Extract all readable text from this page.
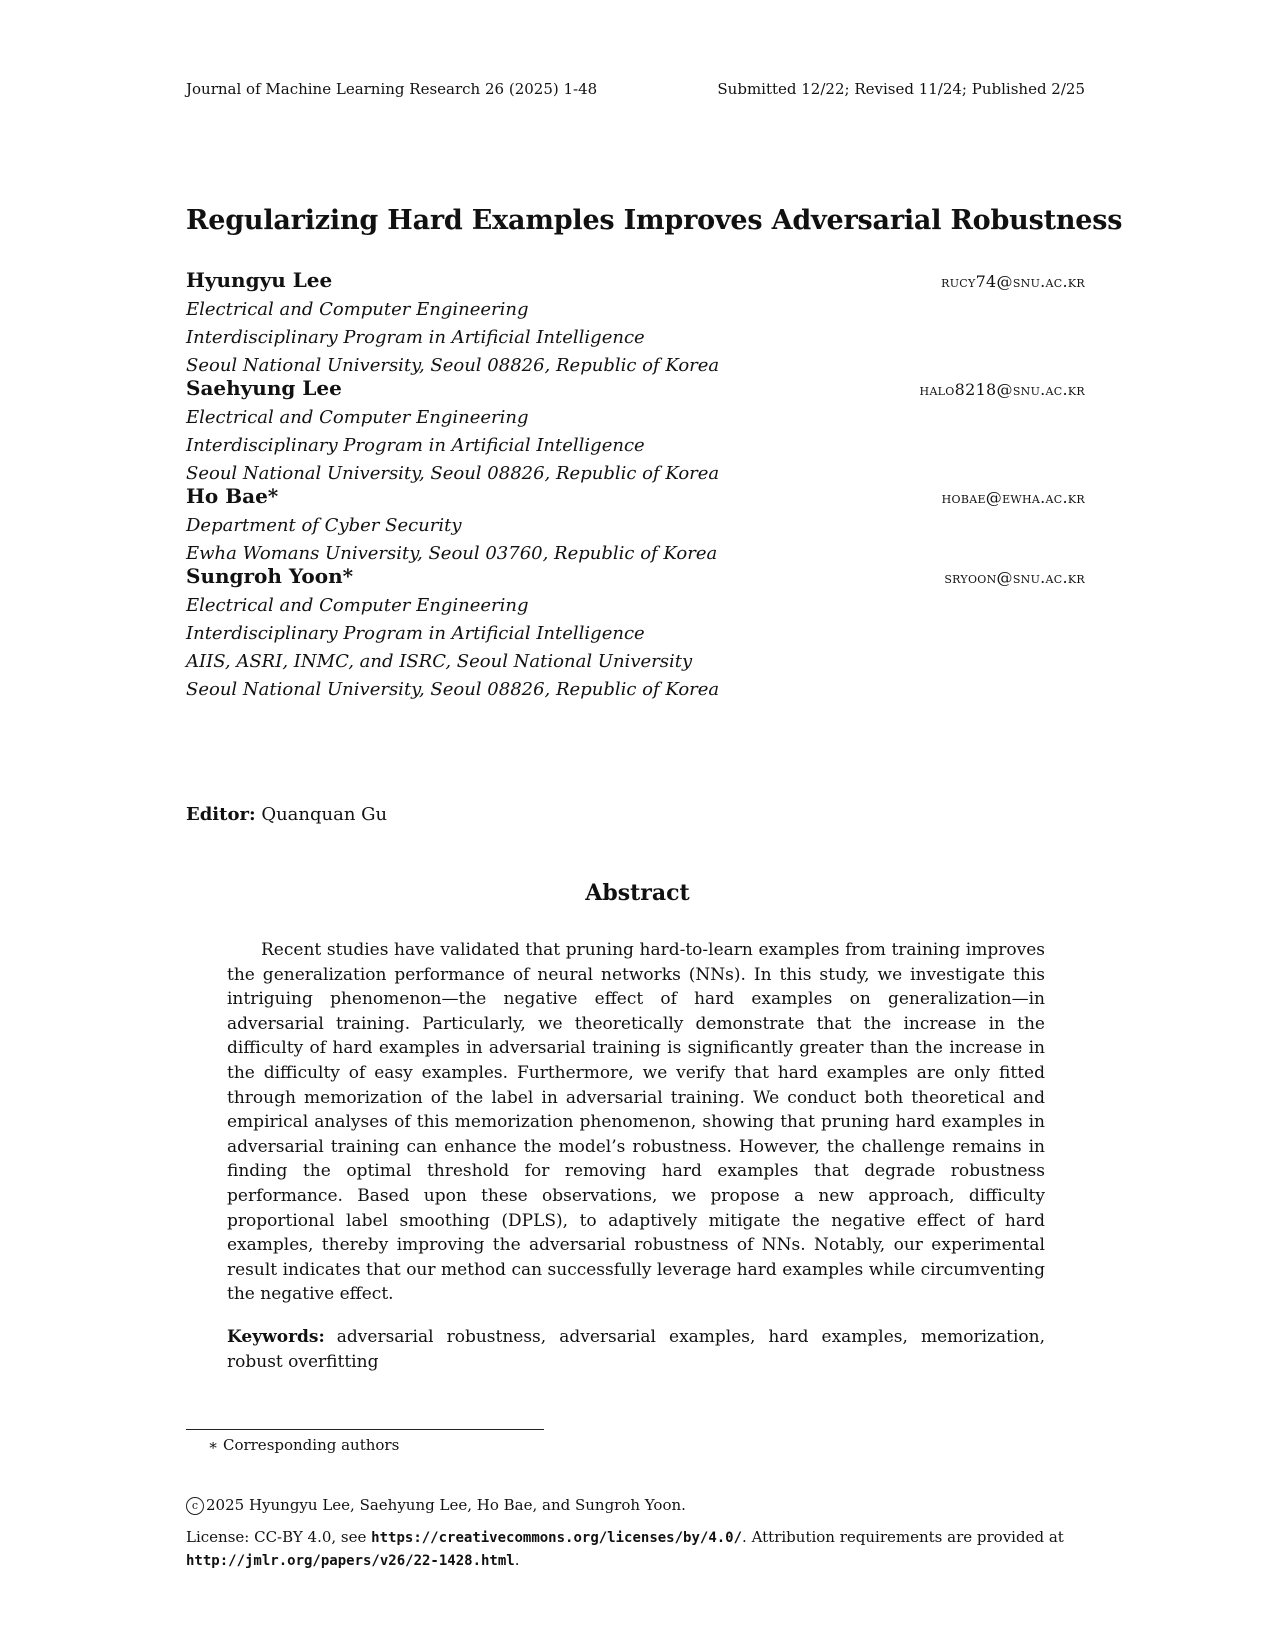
Journal of Machine Learning Research 26 (2025) 1-48	Submitted 12/22; Revised 11/24; Published 2/25
Regularizing Hard Examples Improves Adversarial Robustness
Hyungyu Lee	rucy74@snu.ac.kr
Electrical and Computer Engineering
Interdisciplinary Program in Artificial Intelligence
Seoul National University, Seoul 08826, Republic of Korea
Saehyung Lee	halo8218@snu.ac.kr
Electrical and Computer Engineering
Interdisciplinary Program in Artificial Intelligence
Seoul National University, Seoul 08826, Republic of Korea
Ho Bae*	hobae@ewha.ac.kr
Department of Cyber Security
Ewha Womans University, Seoul 03760, Republic of Korea
Sungroh Yoon*	sryoon@snu.ac.kr
Electrical and Computer Engineering
Interdisciplinary Program in Artificial Intelligence
AIIS, ASRI, INMC, and ISRC, Seoul National University
Seoul National University, Seoul 08826, Republic of Korea
Editor: Quanquan Gu
Abstract
Recent studies have validated that pruning hard-to-learn examples from training improves the generalization performance of neural networks (NNs). In this study, we investigate this intriguing phenomenon—the negative effect of hard examples on generalization—in adversarial training. Particularly, we theoretically demonstrate that the increase in the difficulty of hard examples in adversarial training is significantly greater than the increase in the difficulty of easy examples. Furthermore, we verify that hard examples are only fitted through memorization of the label in adversarial training. We conduct both theoretical and empirical analyses of this memorization phenomenon, showing that pruning hard examples in adversarial training can enhance the model’s robustness. However, the challenge remains in finding the optimal threshold for removing hard examples that degrade robustness performance. Based upon these observations, we propose a new approach, difficulty proportional label smoothing (DPLS), to adaptively mitigate the negative effect of hard examples, thereby improving the adversarial robustness of NNs. Notably, our experimental result indicates that our method can successfully leverage hard examples while circumventing the negative effect.
Keywords: adversarial robustness, adversarial examples, hard examples, memorization, robust overfitting
∗ Corresponding authors
c 2025 Hyungyu Lee, Saehyung Lee, Ho Bae, and Sungroh Yoon.
License: CC-BY 4.0, see https://creativecommons.org/licenses/by/4.0/. Attribution requirements are provided at http://jmlr.org/papers/v26/22-1428.html.
